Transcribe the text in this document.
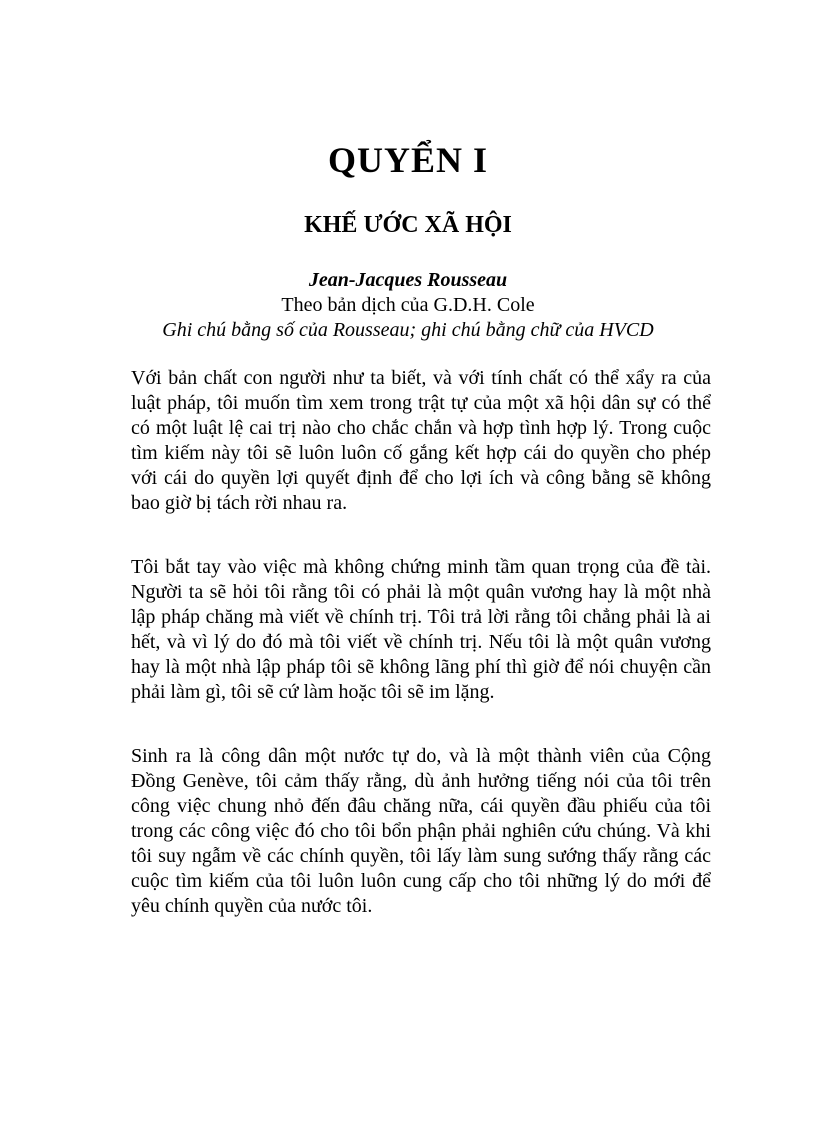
QUYỂN I
KHẾ ƯỚC XÃ HỘI
Jean-Jacques Rousseau
Theo bản dịch của G.D.H. Cole
Ghi chú bằng số của Rousseau; ghi chú bằng chữ của HVCD

Với bản chất con người như ta biết, và với tính chất có thể xẩy ra của luật pháp, tôi muốn tìm xem trong trật tự của một xã hội dân sự có thể có một luật lệ cai trị nào cho chắc chắn và hợp tình hợp lý. Trong cuộc tìm kiếm này tôi sẽ luôn luôn cố gắng kết hợp cái do quyền cho phép với cái do quyền lợi quyết định để cho lợi ích và công bằng sẽ không bao giờ bị tách rời nhau ra.

Tôi bắt tay vào việc mà không chứng minh tầm quan trọng của đề tài. Người ta sẽ hỏi tôi rằng tôi có phải là một quân vương hay là một nhà lập pháp chăng mà viết về chính trị. Tôi trả lời rằng tôi chẳng phải là ai hết, và vì lý do đó mà tôi viết về chính trị. Nếu tôi là một quân vương hay là một nhà lập pháp tôi sẽ không lãng phí thì giờ để nói chuyện cần phải làm gì, tôi sẽ cứ làm hoặc tôi sẽ im lặng.

Sinh ra là công dân một nước tự do, và là một thành viên của Cộng Đồng Genève, tôi cảm thấy rằng, dù ảnh hưởng tiếng nói của tôi trên công việc chung nhỏ đến đâu chăng nữa, cái quyền đầu phiếu của tôi trong các công việc đó cho tôi bổn phận phải nghiên cứu chúng. Và khi tôi suy ngẫm về các chính quyền, tôi lấy làm sung sướng thấy rằng các cuộc tìm kiếm của tôi luôn luôn cung cấp cho tôi những lý do mới để yêu chính quyền của nước tôi.
